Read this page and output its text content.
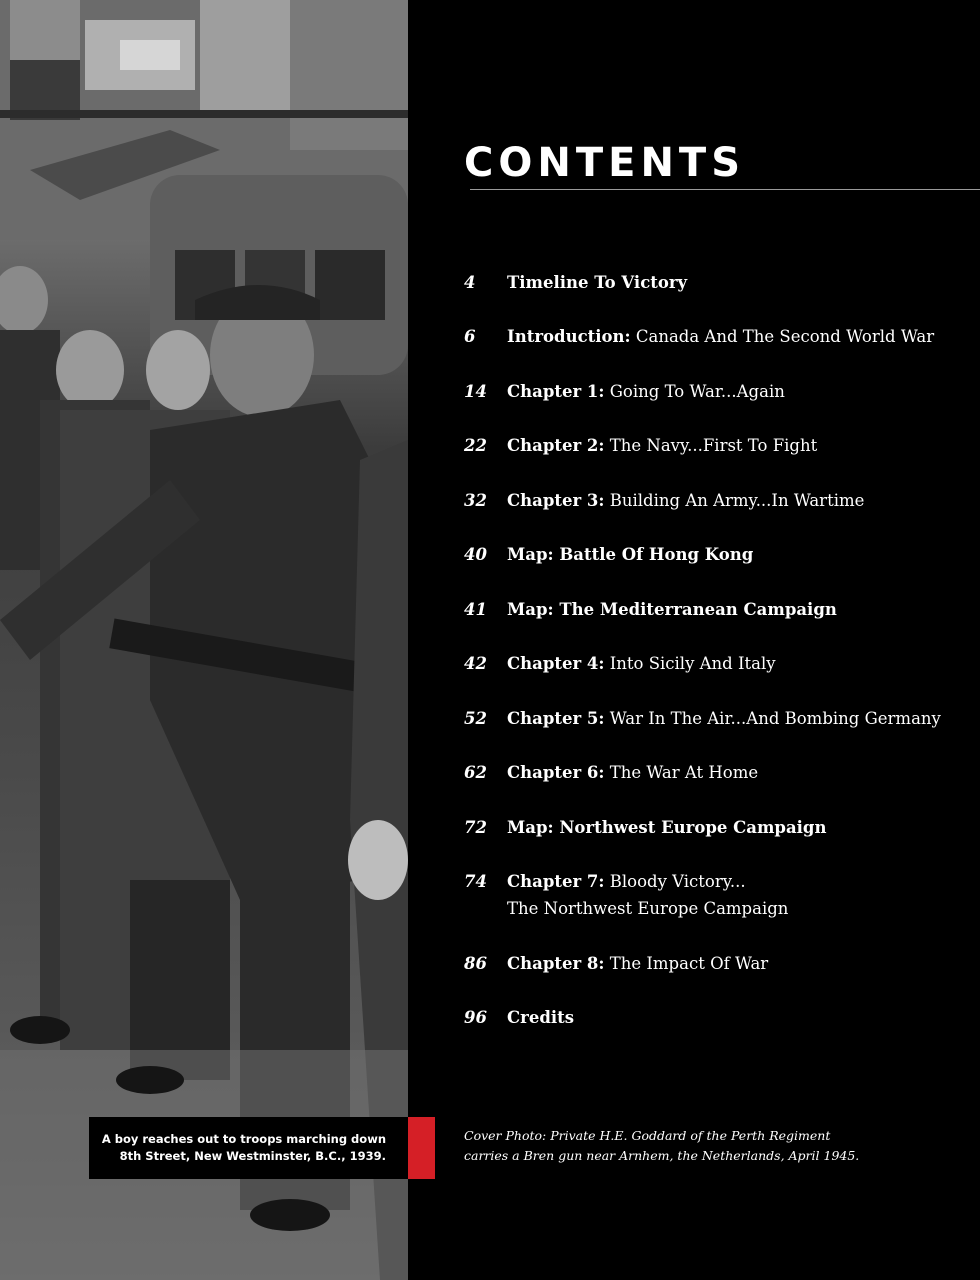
A boy reaches out to troops marching down
8th Street, New Westminster, B.C., 1939.
CONTENTS
4	Timeline To Victory
6	Introduction: Canada And The Second World War
14	Chapter 1: Going To War...Again
22	Chapter 2: The Navy...First To Fight
32	Chapter 3: Building An Army...In Wartime
40	Map: Battle Of Hong Kong
41	Map: The Mediterranean Campaign
42	Chapter 4: Into Sicily And Italy
52	Chapter 5: War In The Air...And Bombing Germany
62	Chapter 6: The War At Home
72	Map: Northwest Europe Campaign
74	Chapter 7: Bloody Victory...
The Northwest Europe Campaign
86	Chapter 8: The Impact Of War
96	Credits
Cover Photo: Private H.E. Goddard of the Perth Regiment
carries a Bren gun near Arnhem, the Netherlands, April 1945.
